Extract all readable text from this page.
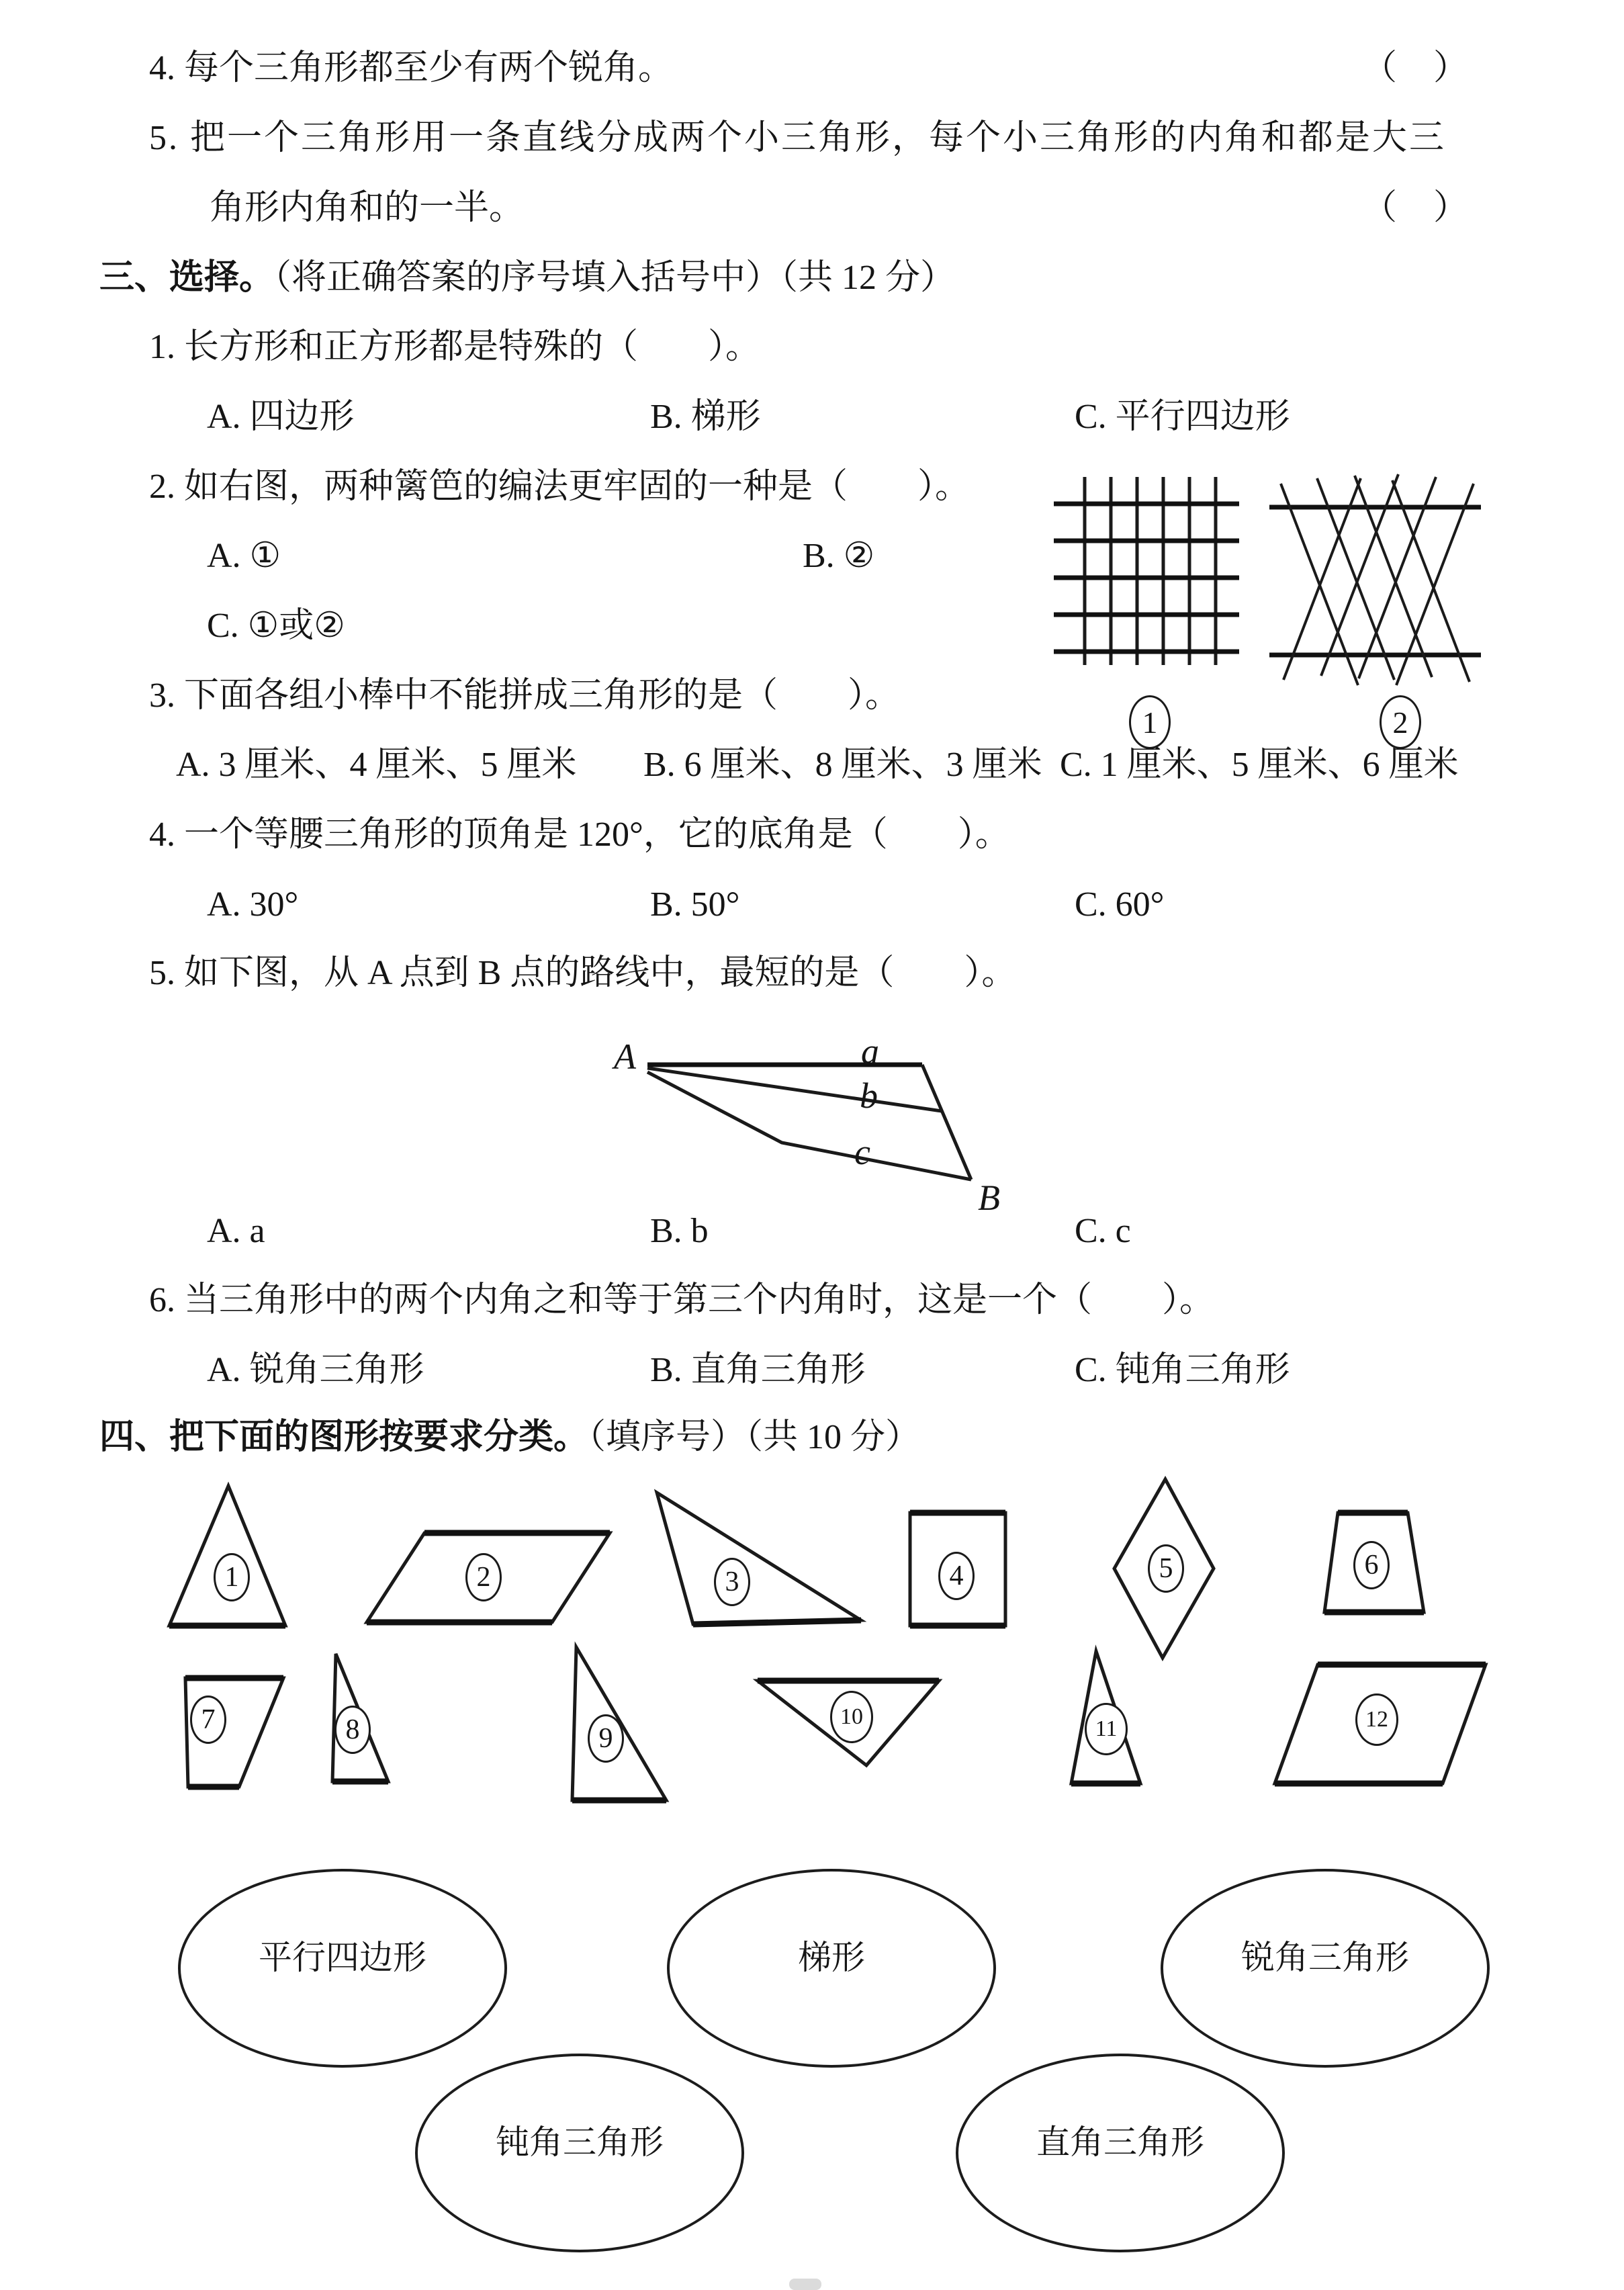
4. 每个三角形都至少有两个锐角。	（ ）
5. 把一个三角形用一条直线分成两个小三角形，每个小三角形的内角和都是大三
角形内角和的一半。	（ ）
三、选择。（将正确答案的序号填入括号中）（共 12 分）
1. 长方形和正方形都是特殊的（　　）。
A. 四边形	B. 梯形	C. 平行四边形
2. 如右图，两种篱笆的编法更牢固的一种是（　　）。
A. ①	B. ②
C. ①或②
1	2
3. 下面各组小棒中不能拼成三角形的是（　　）。
A. 3 厘米、4 厘米、5 厘米 B. 6 厘米、8 厘米、3 厘米 C. 1 厘米、5 厘米、6 厘米
4. 一个等腰三角形的顶角是 120°，它的底角是（　　）。
A. 30°	B. 50°	C. 60°
5. 如下图，从 A 点到 B 点的路线中，最短的是（　　）。
A	a
b
c
B
A. a	B. b	C. c
6. 当三角形中的两个内角之和等于第三个内角时，这是一个（　　）。
A. 锐角三角形	B. 直角三角形	C. 钝角三角形
四、把下面的图形按要求分类。（填序号）（共 10 分）
1	2	3	4	5	6
7	8	9
10	11	12
平行四边形	梯形	锐角三角形
钝角三角形	直角三角形
